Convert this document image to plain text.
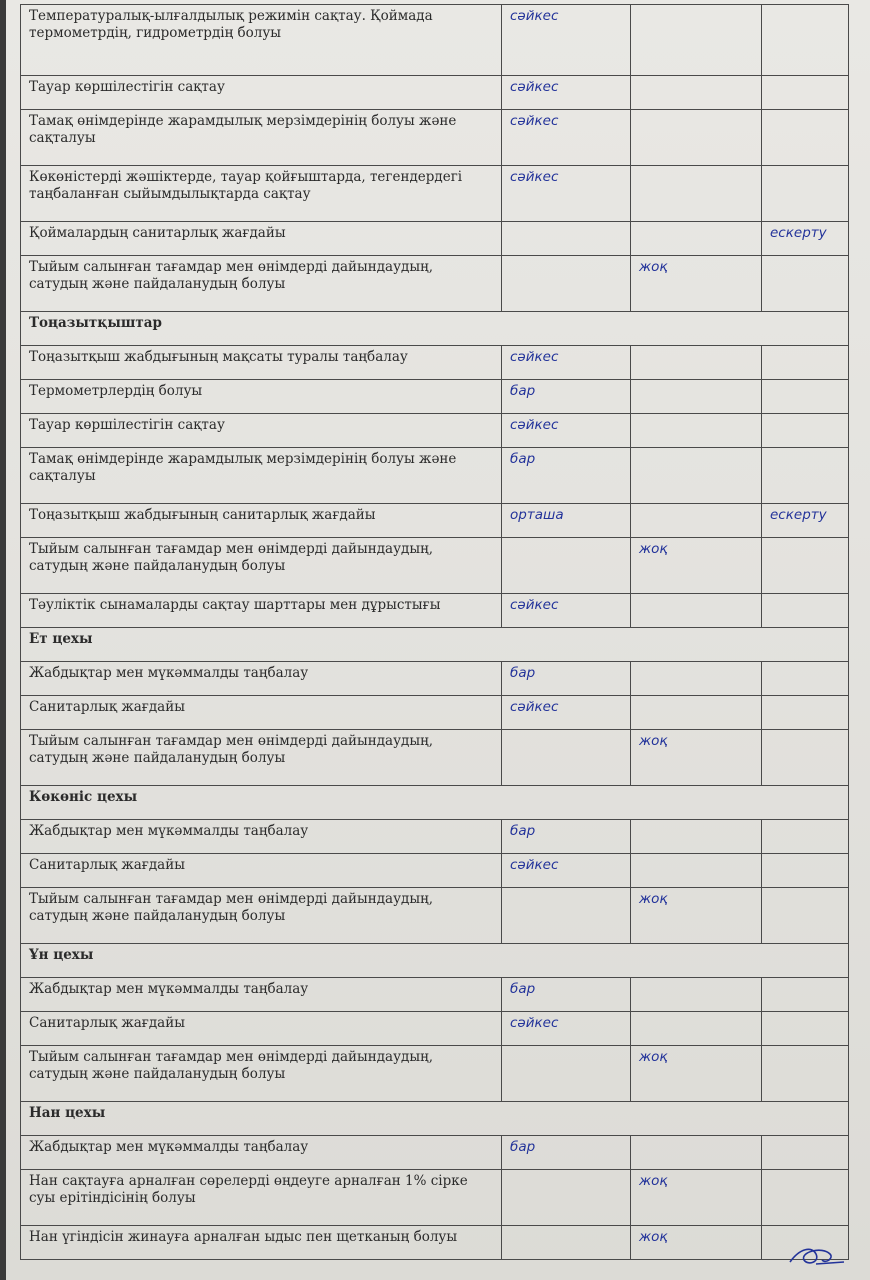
Температуралық-ылғалдылық режимін сақтау. Қоймада термометрдің, гидрометрдің болуы	сәйкес		
Тауар көршілестігін сақтау	сәйкес		
Тамақ өнімдерінде жарамдылық мерзімдерінің болуы және сақталуы	сәйкес		
Көкөністерді жәшіктерде, тауар қойғыштарда, тегендердегі таңбаланған сыйымдылықтарда сақтау	сәйкес		
Қоймалардың санитарлық жағдайы			ескерту
Тыйым салынған тағамдар мен өнімдерді дайындаудың, сатудың және пайдаланудың болуы		жоқ	
Тоңазытқыштар			
Тоңазытқыш жабдығының мақсаты туралы таңбалау	сәйкес		
Термометрлердің болуы	бар		
Тауар көршілестігін сақтау	сәйкес		
Тамақ өнімдерінде жарамдылық мерзімдерінің болуы және сақталуы	бар		
Тоңазытқыш жабдығының санитарлық жағдайы	орташа		ескерту
Тыйым салынған тағамдар мен өнімдерді дайындаудың, сатудың және пайдаланудың болуы		жоқ	
Тәуліктік сынамаларды сақтау шарттары мен дұрыстығы	сәйкес		
Ет цехы			
Жабдықтар мен мүкәммалды таңбалау	бар		
Санитарлық жағдайы	сәйкес		
Тыйым салынған тағамдар мен өнімдерді дайындаудың, сатудың және пайдаланудың болуы		жоқ	
Көкөніс цехы			
Жабдықтар мен мүкәммалды таңбалау	бар		
Санитарлық жағдайы	сәйкес		
Тыйым салынған тағамдар мен өнімдерді дайындаудың, сатудың және пайдаланудың болуы		жоқ	
Ұн цехы			
Жабдықтар мен мүкәммалды таңбалау	бар		
Санитарлық жағдайы	сәйкес		
Тыйым салынған тағамдар мен өнімдерді дайындаудың, сатудың және пайдаланудың болуы		жоқ	
Нан цехы			
Жабдықтар мен мүкәммалды таңбалау	бар		
Нан сақтауға арналған сөрелерді өңдеуге арналған 1% сірке суы ерітіндісінің болуы		жоқ	
Нан үгіндісін жинауға арналған ыдыс пен щетканың болуы		жоқ	
